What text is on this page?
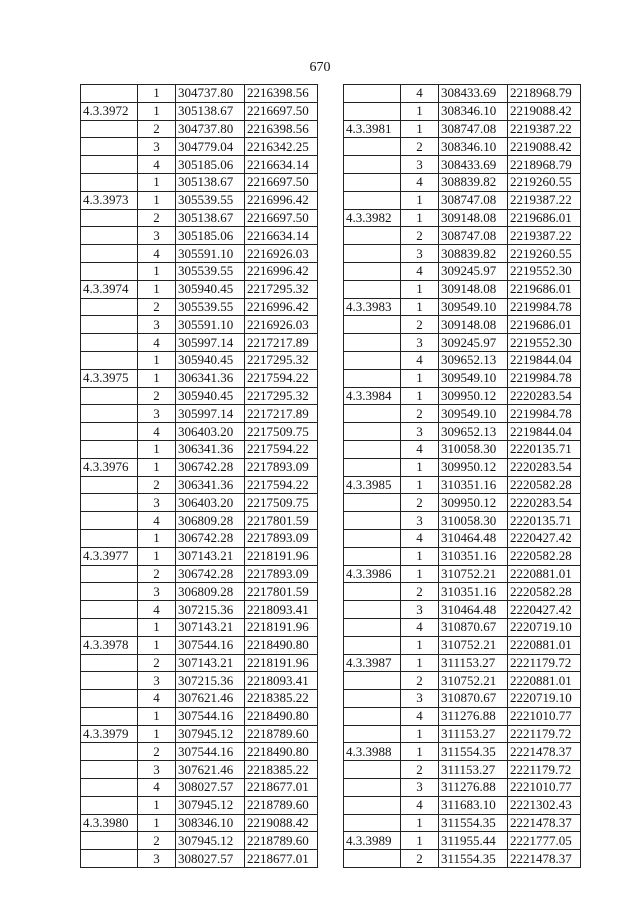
670
	1	304737.80	2216398.56
4.3.3972	1	305138.67	2216697.50
	2	304737.80	2216398.56
	3	304779.04	2216342.25
	4	305185.06	2216634.14
	1	305138.67	2216697.50
4.3.3973	1	305539.55	2216996.42
	2	305138.67	2216697.50
	3	305185.06	2216634.14
	4	305591.10	2216926.03
	1	305539.55	2216996.42
4.3.3974	1	305940.45	2217295.32
	2	305539.55	2216996.42
	3	305591.10	2216926.03
	4	305997.14	2217217.89
	1	305940.45	2217295.32
4.3.3975	1	306341.36	2217594.22
	2	305940.45	2217295.32
	3	305997.14	2217217.89
	4	306403.20	2217509.75
	1	306341.36	2217594.22
4.3.3976	1	306742.28	2217893.09
	2	306341.36	2217594.22
	3	306403.20	2217509.75
	4	306809.28	2217801.59
	1	306742.28	2217893.09
4.3.3977	1	307143.21	2218191.96
	2	306742.28	2217893.09
	3	306809.28	2217801.59
	4	307215.36	2218093.41
	1	307143.21	2218191.96
4.3.3978	1	307544.16	2218490.80
	2	307143.21	2218191.96
	3	307215.36	2218093.41
	4	307621.46	2218385.22
	1	307544.16	2218490.80
4.3.3979	1	307945.12	2218789.60
	2	307544.16	2218490.80
	3	307621.46	2218385.22
	4	308027.57	2218677.01
	1	307945.12	2218789.60
4.3.3980	1	308346.10	2219088.42
	2	307945.12	2218789.60
	3	308027.57	2218677.01
	4	308433.69	2218968.79
	1	308346.10	2219088.42
4.3.3981	1	308747.08	2219387.22
	2	308346.10	2219088.42
	3	308433.69	2218968.79
	4	308839.82	2219260.55
	1	308747.08	2219387.22
4.3.3982	1	309148.08	2219686.01
	2	308747.08	2219387.22
	3	308839.82	2219260.55
	4	309245.97	2219552.30
	1	309148.08	2219686.01
4.3.3983	1	309549.10	2219984.78
	2	309148.08	2219686.01
	3	309245.97	2219552.30
	4	309652.13	2219844.04
	1	309549.10	2219984.78
4.3.3984	1	309950.12	2220283.54
	2	309549.10	2219984.78
	3	309652.13	2219844.04
	4	310058.30	2220135.71
	1	309950.12	2220283.54
4.3.3985	1	310351.16	2220582.28
	2	309950.12	2220283.54
	3	310058.30	2220135.71
	4	310464.48	2220427.42
	1	310351.16	2220582.28
4.3.3986	1	310752.21	2220881.01
	2	310351.16	2220582.28
	3	310464.48	2220427.42
	4	310870.67	2220719.10
	1	310752.21	2220881.01
4.3.3987	1	311153.27	2221179.72
	2	310752.21	2220881.01
	3	310870.67	2220719.10
	4	311276.88	2221010.77
	1	311153.27	2221179.72
4.3.3988	1	311554.35	2221478.37
	2	311153.27	2221179.72
	3	311276.88	2221010.77
	4	311683.10	2221302.43
	1	311554.35	2221478.37
4.3.3989	1	311955.44	2221777.05
	2	311554.35	2221478.37
